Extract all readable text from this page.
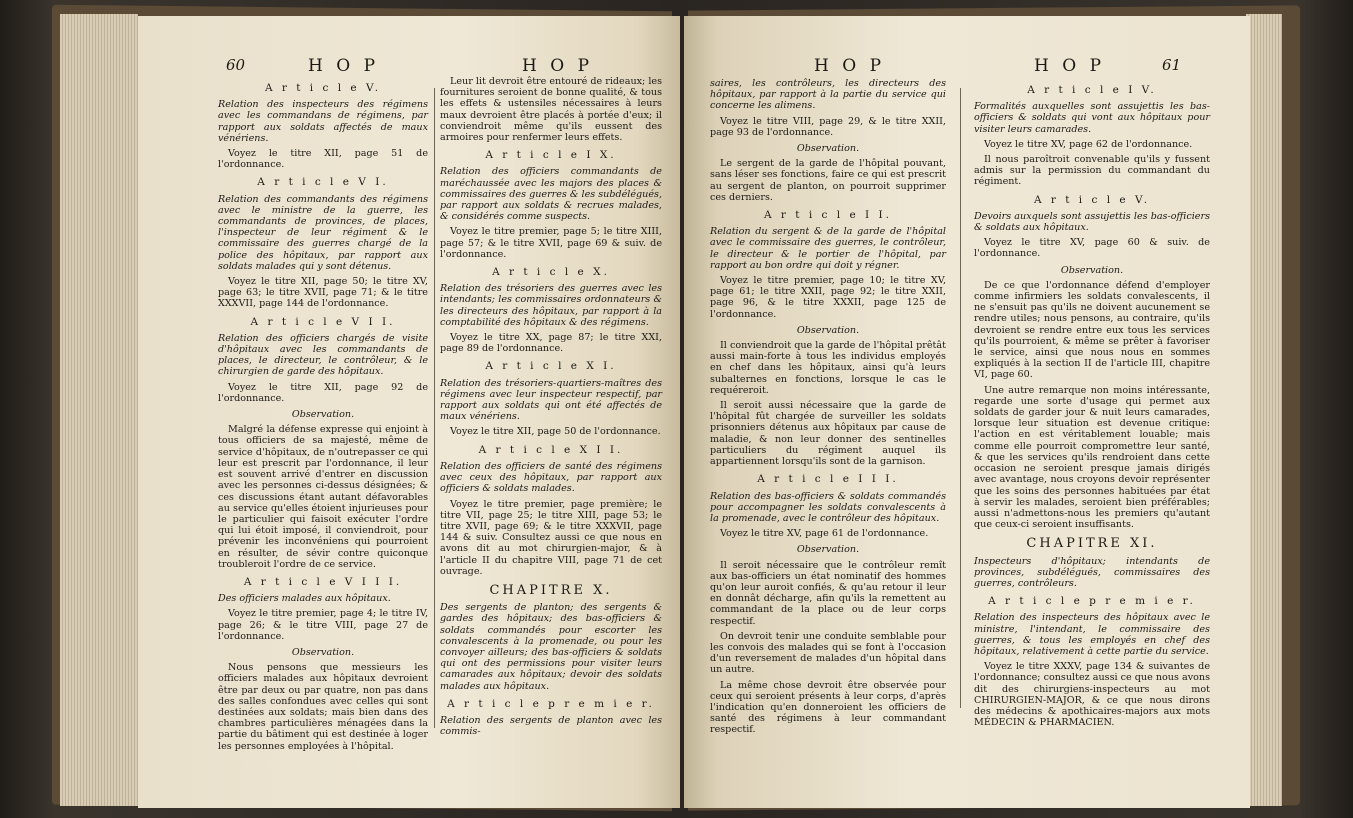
60	H O P	H O P
A r t i c l e V.
Relation des inspecteurs des régimens avec les commandans de régimens, par rapport aux soldats affectés de maux vénériens.

Voyez le titre XII, page 51 de l'ordonnance.

A r t i c l e V I.
Relation des commandants des régimens avec le ministre de la guerre, les commandants de provinces, de places, l'inspecteur de leur régiment & le commissaire des guerres chargé de la police des hôpitaux, par rapport aux soldats malades qui y sont détenus.

Voyez le titre XII, page 50; le titre XV, page 63; le titre XVII, page 71; & le titre XXXVII, page 144 de l'ordonnance.

A r t i c l e V I I.
Relation des officiers chargés de visite d'hôpitaux avec les commandants de places, le directeur, le contrôleur, & le chirurgien de garde des hôpitaux.

Voyez le titre XII, page 92 de l'ordonnance.

Observation.

Malgré la défense expresse qui enjoint à tous officiers de sa majesté, même de service d'hôpitaux, de n'outrepasser ce qui leur est prescrit par l'ordonnance, il leur est souvent arrivé d'entrer en discussion avec les personnes ci-dessus désignées; & ces discussions étant autant défavorables au service qu'elles étoient injurieuses pour le particulier qui faisoit exécuter l'ordre qui lui étoit imposé, il conviendroit, pour prévenir les inconvéniens qui pourroient en résulter, de sévir contre quiconque troubleroit l'ordre de ce service.

A r t i c l e V I I I.
Des officiers malades aux hôpitaux.

Voyez le titre premier, page 4; le titre IV, page 26; & le titre VIII, page 27 de l'ordonnance.

Observation.

Nous pensons que messieurs les officiers malades aux hôpitaux devroient être par deux ou par quatre, non pas dans des salles confondues avec celles qui sont destinées aux soldats; mais bien dans des chambres particulières ménagées dans la partie du bâtiment qui est destinée à loger les personnes employées à l'hôpital.

Leur lit devroit être entouré de rideaux; les fournitures seroient de bonne qualité, & tous les effets & ustensiles nécessaires à leurs maux devroient être placés à portée d'eux; il conviendroit même qu'ils eussent des armoires pour renfermer leurs effets.

A r t i c l e I X.
Relation des officiers commandants de maréchaussée avec les majors des places & commissaires des guerres & les subdélégués, par rapport aux soldats & recrues malades, & considérés comme suspects.

Voyez le titre premier, page 5; le titre XIII, page 57; & le titre XVII, page 69 & suiv. de l'ordonnance.

A r t i c l e X.
Relation des trésoriers des guerres avec les intendants; les commissaires ordonnateurs & les directeurs des hôpitaux, par rapport à la comptabilité des hôpitaux & des régimens.

Voyez le titre XX, page 87; le titre XXI, page 89 de l'ordonnance.

A r t i c l e X I.
Relation des trésoriers-quartiers-maîtres des régimens avec leur inspecteur respectif, par rapport aux soldats qui ont été affectés de maux vénériens.

Voyez le titre XII, page 50 de l'ordonnance.

A r t i c l e X I I.
Relation des officiers de santé des régimens avec ceux des hôpitaux, par rapport aux officiers & soldats malades.

Voyez le titre premier, page première; le titre VII, page 25; le titre XIII, page 53; le titre XVII, page 69; & le titre XXXVII, page 144 & suiv. Consultez aussi ce que nous en avons dit au mot chirurgien-major, & à l'article II du chapitre VIII, page 71 de cet ouvrage.

CHAPITRE X.
Des sergents de planton; des sergents & gardes des hôpitaux; des bas-officiers & soldats commandés pour escorter les convalescents à la promenade, ou pour les convoyer ailleurs; des bas-officiers & soldats qui ont des permissions pour visiter leurs camarades aux hôpitaux; devoir des soldats malades aux hôpitaux.
A r t i c l e p r e m i e r.
Relation des sergents de planton avec les commis-
H O P	H O P	61
saires, les contrôleurs, les directeurs des hôpitaux, par rapport à la partie du service qui concerne les alimens.

Voyez le titre VIII, page 29, & le titre XXII, page 93 de l'ordonnance.

Observation.

Le sergent de la garde de l'hôpital pouvant, sans léser ses fonctions, faire ce qui est prescrit au sergent de planton, on pourroit supprimer ces derniers.

A r t i c l e I I.
Relation du sergent & de la garde de l'hôpital avec le commissaire des guerres, le contrôleur, le directeur & le portier de l'hôpital, par rapport au bon ordre qui doit y régner.

Voyez le titre premier, page 10; le titre XV, page 61; le titre XXII, page 92; le titre XXII, page 96, & le titre XXXII, page 125 de l'ordonnance.

Observation.

Il conviendroit que la garde de l'hôpital prêtât aussi main-forte à tous les individus employés en chef dans les hôpitaux, ainsi qu'à leurs subalternes en fonctions, lorsque le cas le requéreroit.

Il seroit aussi nécessaire que la garde de l'hôpital fût chargée de surveiller les soldats prisonniers détenus aux hôpitaux par cause de maladie, & non leur donner des sentinelles particuliers du régiment auquel ils appartiennent lorsqu'ils sont de la garnison.

A r t i c l e I I I.
Relation des bas-officiers & soldats commandés pour accompagner les soldats convalescents à la promenade, avec le contrôleur des hôpitaux.

Voyez le titre XV, page 61 de l'ordonnance.

Observation.

Il seroit nécessaire que le contrôleur remît aux bas-officiers un état nominatif des hommes qu'on leur auroit confiés, & qu'au retour il leur en donnât décharge, afin qu'ils la remettent au commandant de la place ou de leur corps respectif.

On devroit tenir une conduite semblable pour les convois des malades qui se font à l'occasion d'un reversement de malades d'un hôpital dans un autre.

La même chose devroit être observée pour ceux qui seroient présents à leur corps, d'après l'indication qu'en donneroient les officiers de santé des régimens à leur commandant respectif.

A r t i c l e I V.
Formalités auxquelles sont assujettis les bas-officiers & soldats qui vont aux hôpitaux pour visiter leurs camarades.

Voyez le titre XV, page 62 de l'ordonnance.

Il nous paroîtroit convenable qu'ils y fussent admis sur la permission du commandant du régiment.

A r t i c l e V.
Devoirs auxquels sont assujettis les bas-officiers & soldats aux hôpitaux.

Voyez le titre XV, page 60 & suiv. de l'ordonnance.

Observation.

De ce que l'ordonnance défend d'employer comme infirmiers les soldats convalescents, il ne s'ensuit pas qu'ils ne doivent aucunement se rendre utiles; nous pensons, au contraire, qu'ils devroient se rendre entre eux tous les services qu'ils pourroient, & même se prêter à favoriser le service, ainsi que nous nous en sommes expliqués à la section II de l'article III, chapitre VI, page 60.

Une autre remarque non moins intéressante, regarde une sorte d'usage qui permet aux soldats de garder jour & nuit leurs camarades, lorsque leur situation est devenue critique: l'action en est véritablement louable; mais comme elle pourroit compromettre leur santé, & que les services qu'ils rendroient dans cette occasion ne seroient presque jamais dirigés avec avantage, nous croyons devoir représenter que les soins des personnes habituées par état à servir les malades, seroient bien préférables; aussi n'admettons-nous les premiers qu'autant que ceux-ci seroient insuffisants.

CHAPITRE XI.
Inspecteurs d'hôpitaux; intendants de provinces, subdélégués, commissaires des guerres, contrôleurs.
A r t i c l e p r e m i e r.
Relation des inspecteurs des hôpitaux avec le ministre, l'intendant, le commissaire des guerres, & tous les employés en chef des hôpitaux, relativement à cette partie du service.

Voyez le titre XXXV, page 134 & suivantes de l'ordonnance; consultez aussi ce que nous avons dit des chirurgiens-inspecteurs au mot CHIRURGIEN-MAJOR, & ce que nous dirons des médecins & apothicaires-majors aux mots MÉDECIN & PHARMACIEN.
